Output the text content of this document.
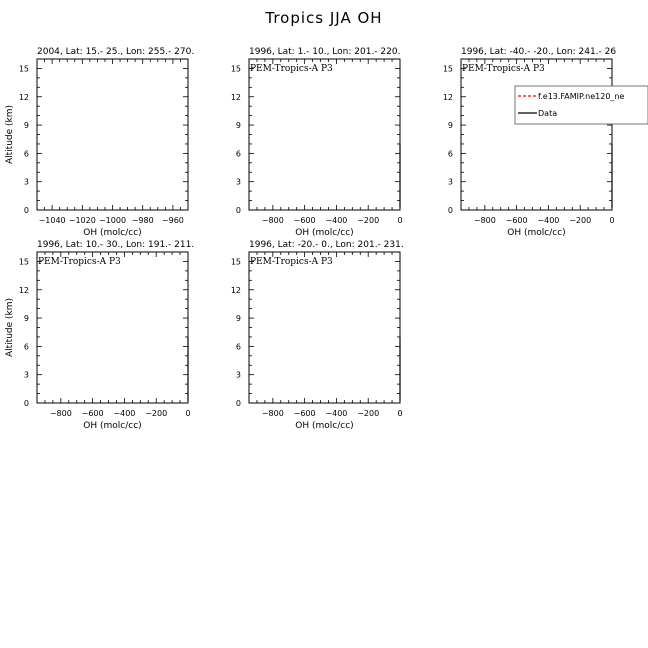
Tropics JJA OH
2004, Lat: 15.- 25., Lon: 255.- 270.
0
3
6
9
12
15
−1040 −1020 −1000 −980 −960
OH (molc/cc)
Altitude (km)
1996, Lat: 1.- 10., Lon: 201.- 220.
0
3
6
9
12
15
−800 −600 −400 −200 0
OH (molc/cc)
PEM-Tropics-A P3
1996, Lat: -40.- -20., Lon: 241.- 26
0
3
6
9
12
15
−800 −600 −400 −200 0
OH (molc/cc)
PEM-Tropics-A P3
f.e13.FAMIP.ne120_ne
Data
1996, Lat: 10.- 30., Lon: 191.- 211.
0
3
6
9
12
15
−800 −600 −400 −200 0
OH (molc/cc)
Altitude (km)
PEM-Tropics-A P3
1996, Lat: -20.- 0., Lon: 201.- 231.
0
3
6
9
12
15
−800 −600 −400 −200 0
OH (molc/cc)
PEM-Tropics-A P3
